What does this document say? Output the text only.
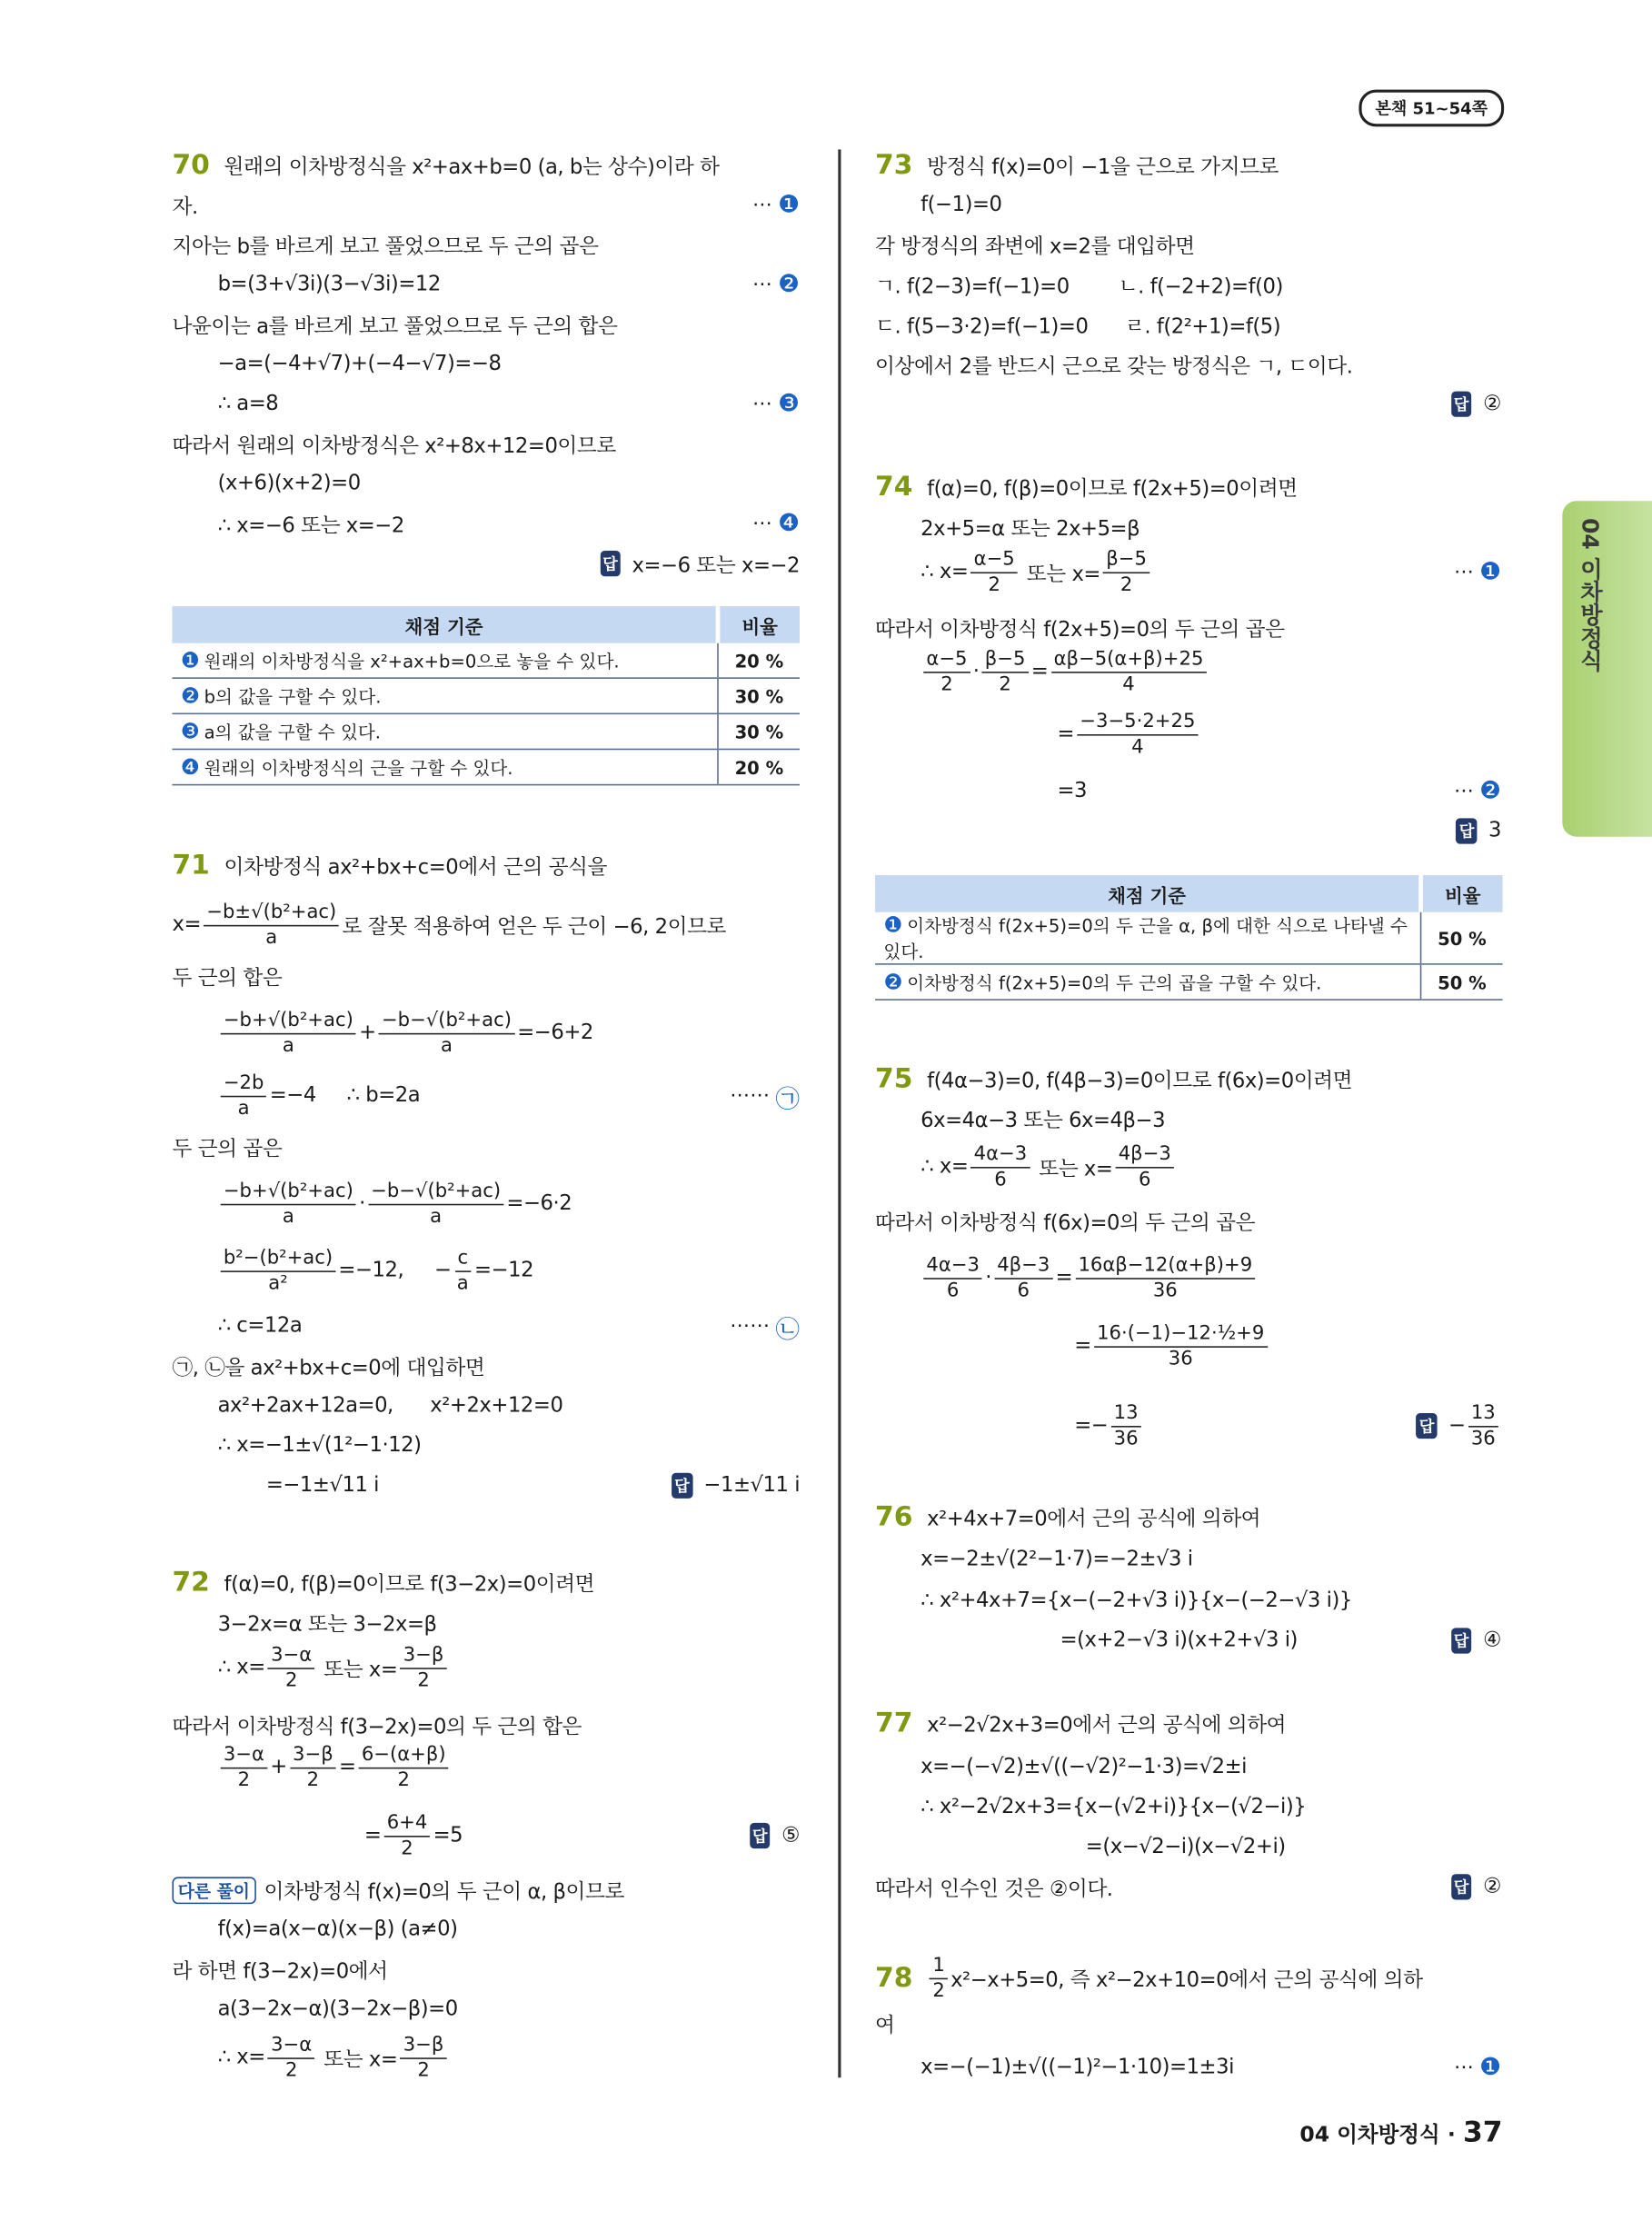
본책 51~54쪽
04 이차방정식
70 원래의 이차방정식을 x²+ax+b=0 (a, b는 상수)이라 하
자.	⋯ ❶
지아는 b를 바르게 보고 풀었으므로 두 근의 곱은
b=(3+√3i)(3−√3i)=12	⋯ ❷
나윤이는 a를 바르게 보고 풀었으므로 두 근의 합은
−a=(−4+√7)+(−4−√7)=−8
∴ a=8	⋯ ❸
따라서 원래의 이차방정식은 x²+8x+12=0이므로
(x+6)(x+2)=0
∴ x=−6 또는 x=−2	⋯ ❹
답 x=−6 또는 x=−2
71 이차방정식 ax²+bx+c=0에서 근의 공식을
$x= \frac{\text{−b±√(b²+ac)}}{a}$ 로 잘못 적용하여 얻은 두 근이 −6, 2이므로
두 근의 합은
$\frac{\text{−b+√(b²+ac)}}{a} + \frac{\text{−b−√(b²+ac)}}{a} =-6+2$
$\frac{-2b}{a} =-4$     ∴ b=2a	⋯⋯ ㉠
두 근의 곱은
$\frac{\text{−b+√(b²+ac)}}{a} \cdot \frac{\text{−b−√(b²+ac)}}{a} =-6\cdot 2$
$\frac{\text{b²−(b²+ac)}}{\text{a²}} =-12$,     − $\frac{c}{a} =-12$
∴ c=12a	⋯⋯ ㉡
㉠, ㉡을 ax²+bx+c=0에 대입하면
ax²+2ax+12a=0,      x²+2x+12=0
∴ x=−1±√(1²−1·12)
=−1±√11 i	답 −1±√11 i
72 f(α)=0, f(β)=0이므로 f(3−2x)=0이려면
3−2x=α 또는 3−2x=β
∴ $x= \frac{3-\alpha}{2}$ 또는 $x= \frac{3-\beta}{2}$
따라서 이차방정식 f(3−2x)=0의 두 근의 합은
$\frac{3-\alpha}{2} + \frac{3-\beta}{2} = \frac{6-(\alpha+\beta)}{2}$
= $\frac{6+4}{2} =5$	답 ⑤
다른 풀이	이차방정식 f(x)=0의 두 근이 α, β이므로
f(x)=a(x−α)(x−β) (a≠0)
라 하면 f(3−2x)=0에서
a(3−2x−α)(3−2x−β)=0
∴ $x= \frac{3-\alpha}{2}$ 또는 $x= \frac{3-\beta}{2}$
73 방정식 f(x)=0이 −1을 근으로 가지므로
f(−1)=0
각 방정식의 좌변에 x=2를 대입하면
ㄱ. f(2−3)=f(−1)=0        ㄴ. f(−2+2)=f(0)
ㄷ. f(5−3·2)=f(−1)=0      ㄹ. f(2²+1)=f(5)
이상에서 2를 반드시 근으로 갖는 방정식은 ㄱ, ㄷ이다.
답 ②
74 f(α)=0, f(β)=0이므로 f(2x+5)=0이려면
2x+5=α 또는 2x+5=β
∴ $x= \frac{\alpha-5}{2}$ 또는 $x= \frac{\beta-5}{2}$	⋯ ❶
따라서 이차방정식 f(2x+5)=0의 두 근의 곱은
$\frac{\alpha-5}{2} \cdot \frac{\beta-5}{2} = \frac{\alpha\beta-5(\alpha+\beta)+25}{4}$
= $\frac{-3-5\cdot 2+25}{4}$
=3	⋯ ❷
답 3
75 f(4α−3)=0, f(4β−3)=0이므로 f(6x)=0이려면
6x=4α−3 또는 6x=4β−3
∴ $x= \frac{4\alpha-3}{6}$ 또는 $x= \frac{4\beta-3}{6}$
따라서 이차방정식 f(6x)=0의 두 근의 곱은
$\frac{4\alpha-3}{6} \cdot \frac{4\beta-3}{6} = \frac{16\alpha\beta-12(\alpha+\beta)+9}{36}$
= $\frac{\text{16·(−1)−12·½+9}}{36}$
=− $\frac{13}{36}$	답 − $\frac{13}{36}$
76 x²+4x+7=0에서 근의 공식에 의하여
x=−2±√(2²−1·7)=−2±√3 i
∴ x²+4x+7={x−(−2+√3 i)}{x−(−2−√3 i)}
=(x+2−√3 i)(x+2+√3 i)	답 ④
77 x²−2√2x+3=0에서 근의 공식에 의하여
x=−(−√2)±√((−√2)²−1·3)=√2±i
∴ x²−2√2x+3={x−(√2+i)}{x−(√2−i)}
=(x−√2−i)(x−√2+i)
따라서 인수인 것은 ②이다.	답 ②
$78 \frac{1}{2} x^2-x+5=0$, 즉 x²−2x+10=0에서 근의 공식에 의하
여
x=−(−1)±√((−1)²−1·10)=1±3i	⋯ ❶
채점 기준	비율
❶ 원래의 이차방정식을 x²+ax+b=0으로 놓을 수 있다.	20 %
❷ b의 값을 구할 수 있다.	30 %
❸ a의 값을 구할 수 있다.	30 %
❹ 원래의 이차방정식의 근을 구할 수 있다.	20 %
채점 기준	비율
❶ 이차방정식 f(2x+5)=0의 두 근을 α, β에 대한 식으로 나타낼 수 있다.	50 %
❷ 이차방정식 f(2x+5)=0의 두 근의 곱을 구할 수 있다.	50 %
04 이차방정식 · 37
